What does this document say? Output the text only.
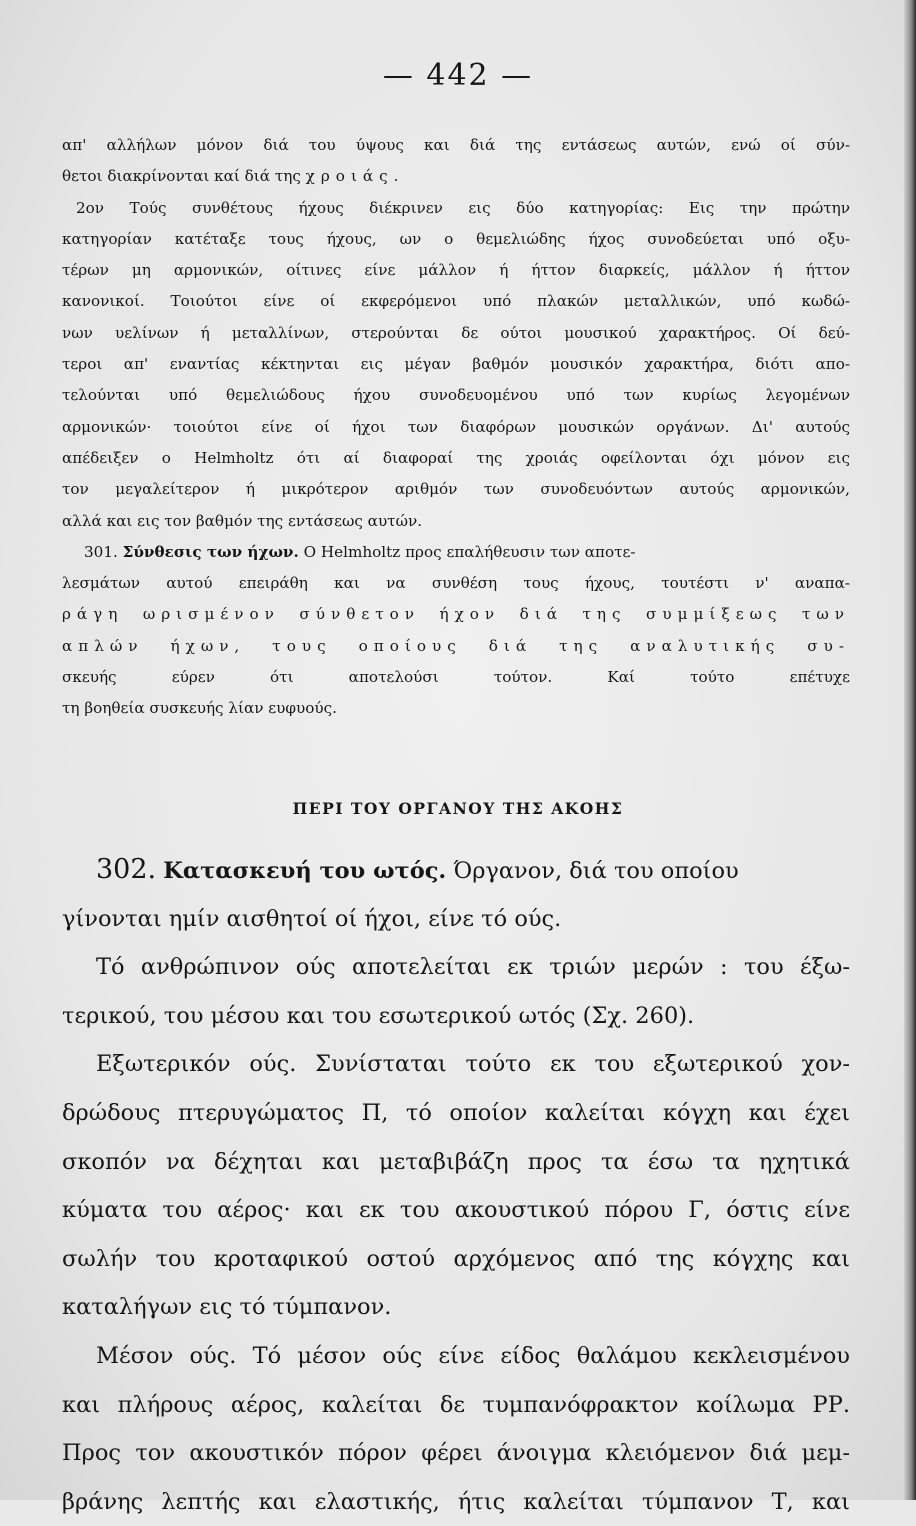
— 442 —
απ' αλλήλων μόνον διά του ύψους και διά της εντάσεως αυτών, ενώ οί σύν-
θετοι διακρίνονται καί διά της χροιάς.
2ον Τούς συνθέτους ήχους διέκρινεν εις δύο κατηγορίας: Εις την πρώτην
κατηγορίαν κατέταξε τους ήχους, ων ο θεμελιώδης ήχος συνοδεύεται υπό οξυ-
τέρων μη αρμονικών, οίτινες είνε μάλλον ή ήττον διαρκείς, μάλλον ή ήττον
κανονικοί. Τοιούτοι είνε οί εκφερόμενοι υπό πλακών μεταλλικών, υπό κωδώ-
νων υελίνων ή μεταλλίνων, στερούνται δε ούτοι μουσικού χαρακτήρος. Οί δεύ-
τεροι απ' εναντίας κέκτηνται εις μέγαν βαθμόν μουσικόν χαρακτήρα, διότι απο-
τελούνται υπό θεμελιώδους ήχου συνοδευομένου υπό των κυρίως λεγομένων
αρμονικών· τοιούτοι είνε οί ήχοι των διαφόρων μουσικών οργάνων. Δι' αυτούς
απέδειξεν ο Helmholtz ότι αί διαφοραί της χροιάς οφείλονται όχι μόνον εις
τον μεγαλείτερον ή μικρότερον αριθμόν των συνοδευόντων αυτούς αρμονικών,
αλλά και εις τον βαθμόν της εντάσεως αυτών.
301. Σύνθεσις των ήχων. Ο Helmholtz προς επαλήθευσιν των αποτε-
λεσμάτων αυτού επειράθη και να συνθέση τους ήχους, τουτέστι ν' αναπα-
ράγη ωρισμένον σύνθετον ήχον διά της συμμίξεως των
απλών ήχων, τους οποίους διά της αναλυτικής συ-
σκευής εύρεν ότι αποτελούσι τούτον. Καί τούτο επέτυχε
τη βοηθεία συσκευής λίαν ευφυούς.
ΠΕΡΙ ΤΟΥ ΟΡΓΑΝΟΥ ΤΗΣ ΑΚΟΗΣ
302. Κατασκευή του ωτός. Όργανον, διά του οποίου
γίνονται ημίν αισθητοί οί ήχοι, είνε τό ούς.
Τό ανθρώπινον ούς αποτελείται εκ τριών μερών : του έξω-
τερικού, του μέσου και του εσωτερικού ωτός (Σχ. 260).
Εξωτερικόν ούς. Συνίσταται τούτο εκ του εξωτερικού χον-
δρώδους πτερυγώματος Π, τό οποίον καλείται κόγχη και έχει
σκοπόν να δέχηται και μεταβιβάζη προς τα έσω τα ηχητικά
κύματα του αέρος· και εκ του ακουστικού πόρου Γ, όστις είνε
σωλήν του κροταφικού οστού αρχόμενος από της κόγχης και
καταλήγων εις τό τύμπανον.
Μέσον ούς. Τό μέσον ούς είνε είδος θαλάμου κεκλεισμένου
και πλήρους αέρος, καλείται δε τυμπανόφρακτον κοίλωμα ΡΡ.
Προς τον ακουστικόν πόρον φέρει άνοιγμα κλειόμενον διά μεμ-
βράνης λεπτής και ελαστικής, ήτις καλείται τύμπανον Τ, και
